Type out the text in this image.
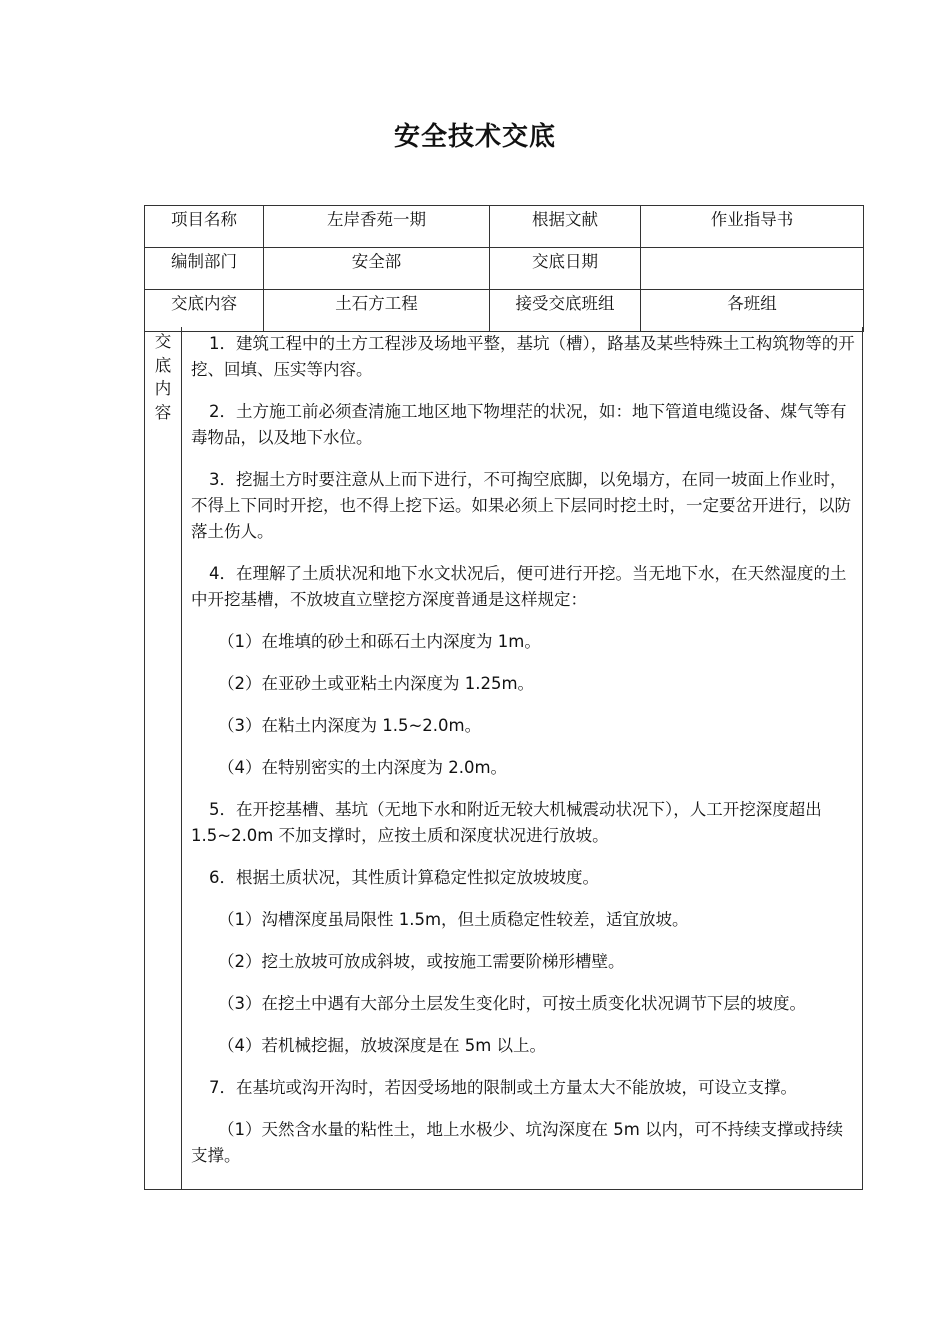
安全技术交底
项目名称	左岸香苑一期	根据文献	作业指导书
编制部门	安全部	交底日期	
交底内容	土石方工程	接受交底班组	各班组
交
底
内
容

1．建筑工程中的土方工程涉及场地平整，基坑（槽），路基及某些特殊土工构筑物等的开挖、回填、压实等内容。

2．土方施工前必须查清施工地区地下物埋茫的状况，如：地下管道电缆设备、煤气等有毒物品，以及地下水位。

3．挖掘土方时要注意从上而下进行，不可掏空底脚，以免塌方，在同一坡面上作业时，不得上下同时开挖，也不得上挖下运。如果必须上下层同时挖土时，一定要岔开进行，以防落土伤人。

4．在理解了土质状况和地下水文状况后，便可进行开挖。当无地下水，在天然湿度的土中开挖基槽，不放坡直立壁挖方深度普通是这样规定：

（1）在堆填的砂土和砾石土内深度为 1m。

（2）在亚砂土或亚粘土内深度为 1.25m。

（3）在粘土内深度为 1.5~2.0m。

（4）在特别密实的土内深度为 2.0m。

5．在开挖基槽、基坑（无地下水和附近无较大机械震动状况下），人工开挖深度超出 1.5~2.0m 不加支撑时，应按土质和深度状况进行放坡。

6．根据土质状况，其性质计算稳定性拟定放坡坡度。

（1）沟槽深度虽局限性 1.5m，但土质稳定性较差，适宜放坡。

（2）挖土放坡可放成斜坡，或按施工需要阶梯形槽壁。

（3）在挖土中遇有大部分土层发生变化时，可按土质变化状况调节下层的坡度。

（4）若机械挖掘，放坡深度是在 5m 以上。

7．在基坑或沟开沟时，若因受场地的限制或土方量太大不能放坡，可设立支撑。

（1）天然含水量的粘性土，地上水极少、坑沟深度在 5m 以内，可不持续支撑或持续支撑。
